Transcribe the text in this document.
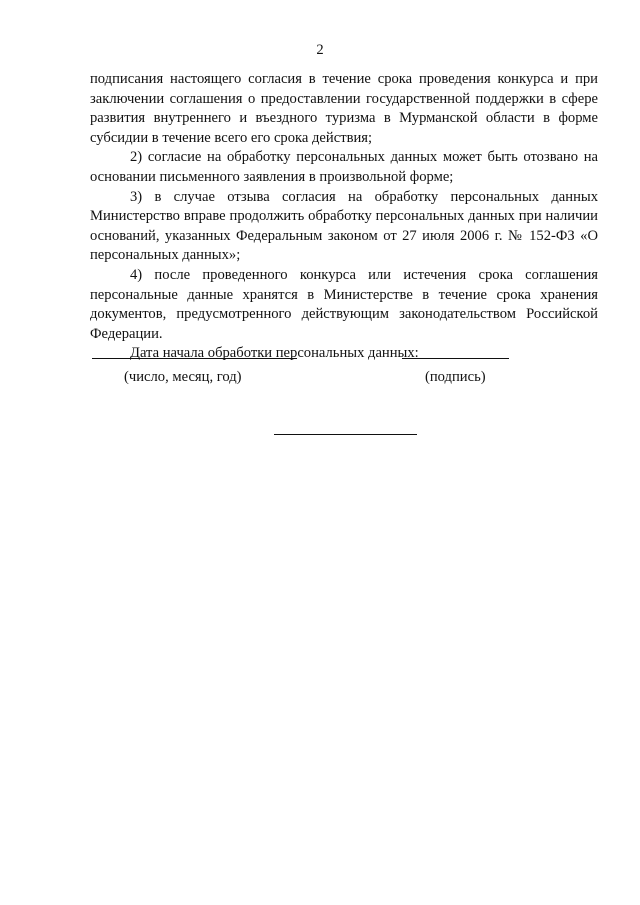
2

подписания настоящего согласия в течение срока проведения конкурса и при заключении соглашения о предоставлении государственной поддержки в сфере развития внутреннего и въездного туризма в Мурманской области в форме субсидии в течение всего его срока действия;

2) согласие на обработку персональных данных может быть отозвано на основании письменного заявления в произвольной форме;

3) в случае отзыва согласия на обработку персональных данных Министерство вправе продолжить обработку персональных данных при наличии оснований, указанных Федеральным законом от 27 июля 2006 г. № 152-ФЗ «О персональных данных»;

4) после проведенного конкурса или истечения срока соглашения персональные данные хранятся в Министерстве в течение срока хранения документов, предусмотренного действующим законодательством Российской Федерации.

Дата начала обработки персональных данных:

(число, месяц, год)	(подпись)
